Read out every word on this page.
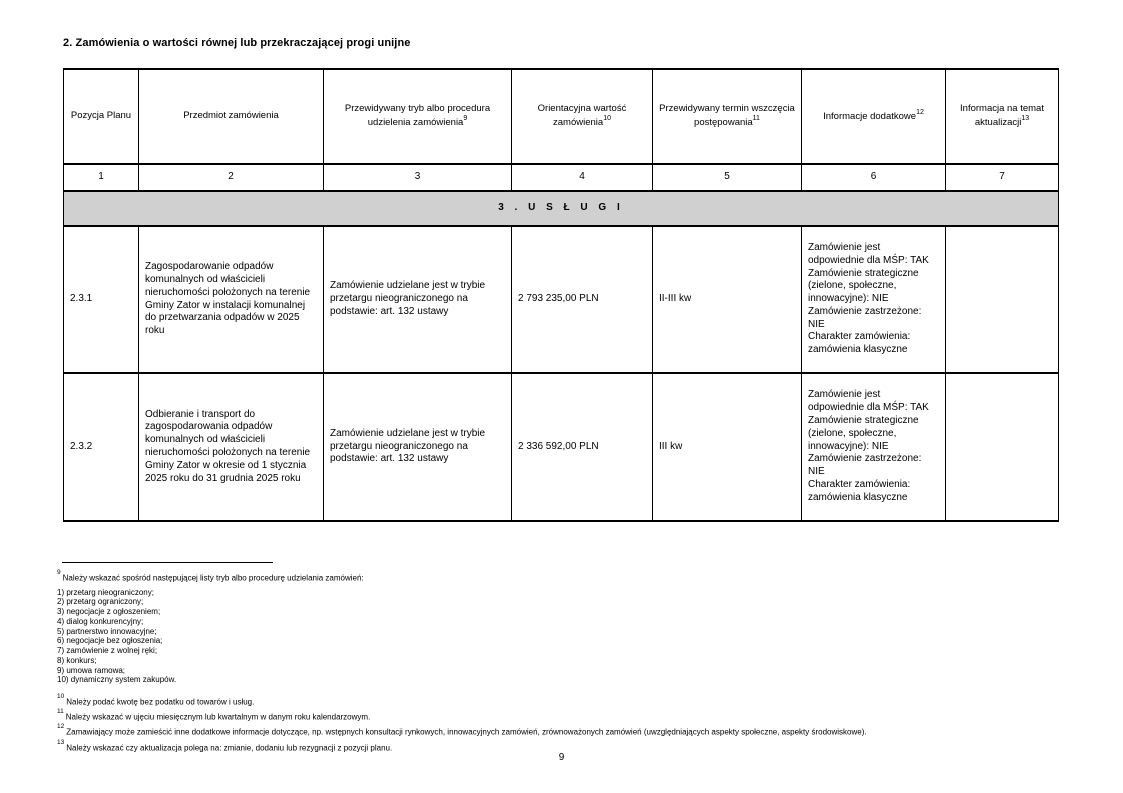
2. Zamówienia o wartości równej lub przekraczającej progi unijne
Pozycja Planu	Przedmiot zamówienia	Przewidywany tryb albo procedura udzielenia zamówienia$^9$	Orientacyjna wartość zamówienia$^{10}$	Przewidywany termin wszczęcia postępowania$^{11}$	Informacje dodatkowe$^{12}$	Informacja na temat aktualizacji$^{13}$
1	2	3	4	5	6	7
3 . U S Ł U G I						
2.3.1	Zagospodarowanie odpadów komunalnych od właścicieli nieruchomości położonych na terenie Gminy Zator w instalacji komunalnej do przetwarzania odpadów w 2025 roku	Zamówienie udzielane jest w trybie przetargu nieograniczonego na podstawie: art. 132 ustawy	2 793 235,00 PLN	II-III kw	Zamówienie jest odpowiednie dla MŚP: TAK
Zamówienie strategiczne (zielone, społeczne, innowacyjne): NIE
Zamówienie zastrzeżone: NIE
Charakter zamówienia: zamówienia klasyczne	

2.3.2	Odbieranie i transport do zagospodarowania odpadów komunalnych od właścicieli nieruchomości położonych na terenie Gminy Zator w okresie od 1 stycznia 2025 roku do 31 grudnia 2025 roku	Zamówienie udzielane jest w trybie przetargu nieograniczonego na podstawie: art. 132 ustawy	2 336 592,00 PLN	III kw	Zamówienie jest odpowiednie dla MŚP: TAK
Zamówienie strategiczne (zielone, społeczne, innowacyjne): NIE
Zamówienie zastrzeżone: NIE
Charakter zamówienia: zamówienia klasyczne	

$^9$Należy wskazać spośród następującej listy tryb albo procedurę udzielania zamówień:
1) przetarg nieograniczony;
2) przetarg ograniczony;
3) negocjacje z ogłoszeniem;
4) dialog konkurencyjny;
5) partnerstwo innowacyjne;
6) negocjacje bez ogłoszenia;
7) zamówienie z wolnej ręki;
8) konkurs;
9) umowa ramowa;
10) dynamiczny system zakupów.
$^{10}$Należy podać kwotę bez podatku od towarów i usług.
$^{11}$Należy wskazać w ujęciu miesięcznym lub kwartalnym w danym roku kalendarzowym.
$^{12}$Zamawiający może zamieścić inne dodatkowe informacje dotyczące, np. wstępnych konsultacji rynkowych, innowacyjnych zamówień, zrównoważonych zamówień (uwzględniających aspekty społeczne, aspekty środowiskowe).
$^{13}$Należy wskazać czy aktualizacja polega na: zmianie, dodaniu lub rezygnacji z pozycji planu.
9
